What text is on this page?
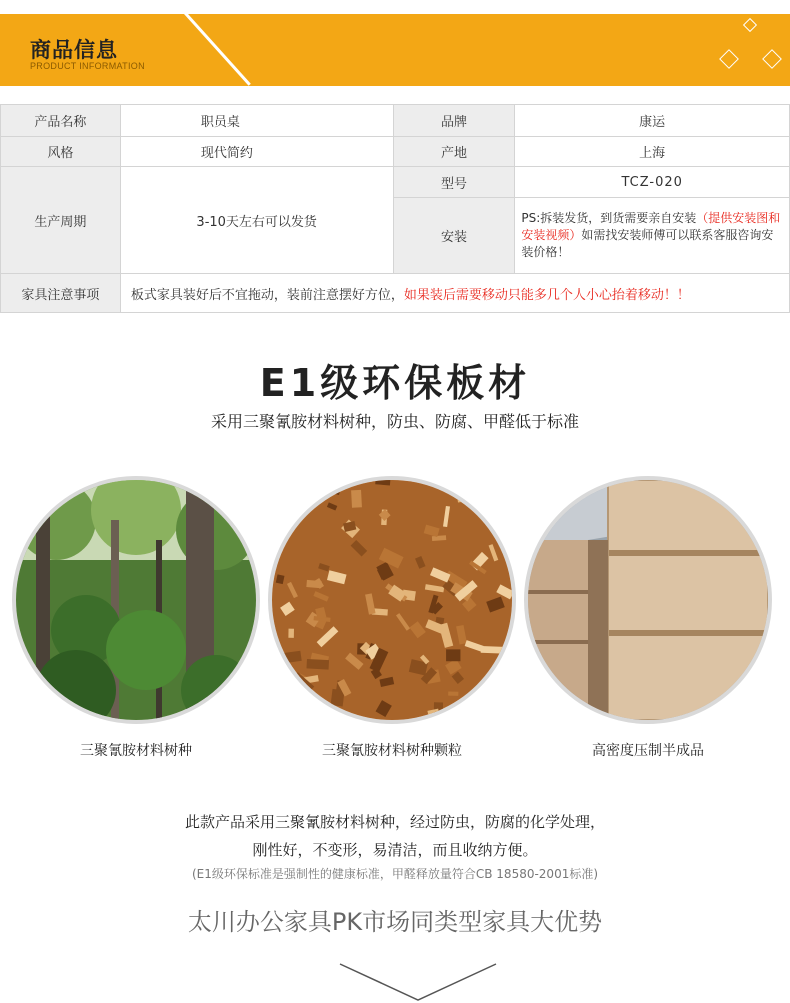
商品信息
PRODUCT INFORMATION
产品名称	职员桌	品牌	康运
风格	现代简约	产地	上海
生产周期	3-10天左右可以发货	型号	TCZ-020
		安装	PS:拆装发货，到货需要亲自安装（提供安装图和安装视频）如需找安装师傅可以联系客服咨询安装价格！
家具注意事项	板式家具装好后不宜拖动，装前注意摆好方位，如果装后需要移动只能多几个人小心抬着移动！！		
E1级环保板材
采用三聚氰胺材料树种，防虫、防腐、甲醛低于标准
三聚氰胺材料树种	三聚氰胺材料树种颗粒	高密度压制半成品
此款产品采用三聚氰胺材料树种，经过防虫，防腐的化学处理，
刚性好，不变形，易清洁，而且收纳方便。
(E1级环保标准是强制性的健康标准，甲醛释放量符合CB 18580-2001标准)
太川办公家具PK市场同类型家具大优势
